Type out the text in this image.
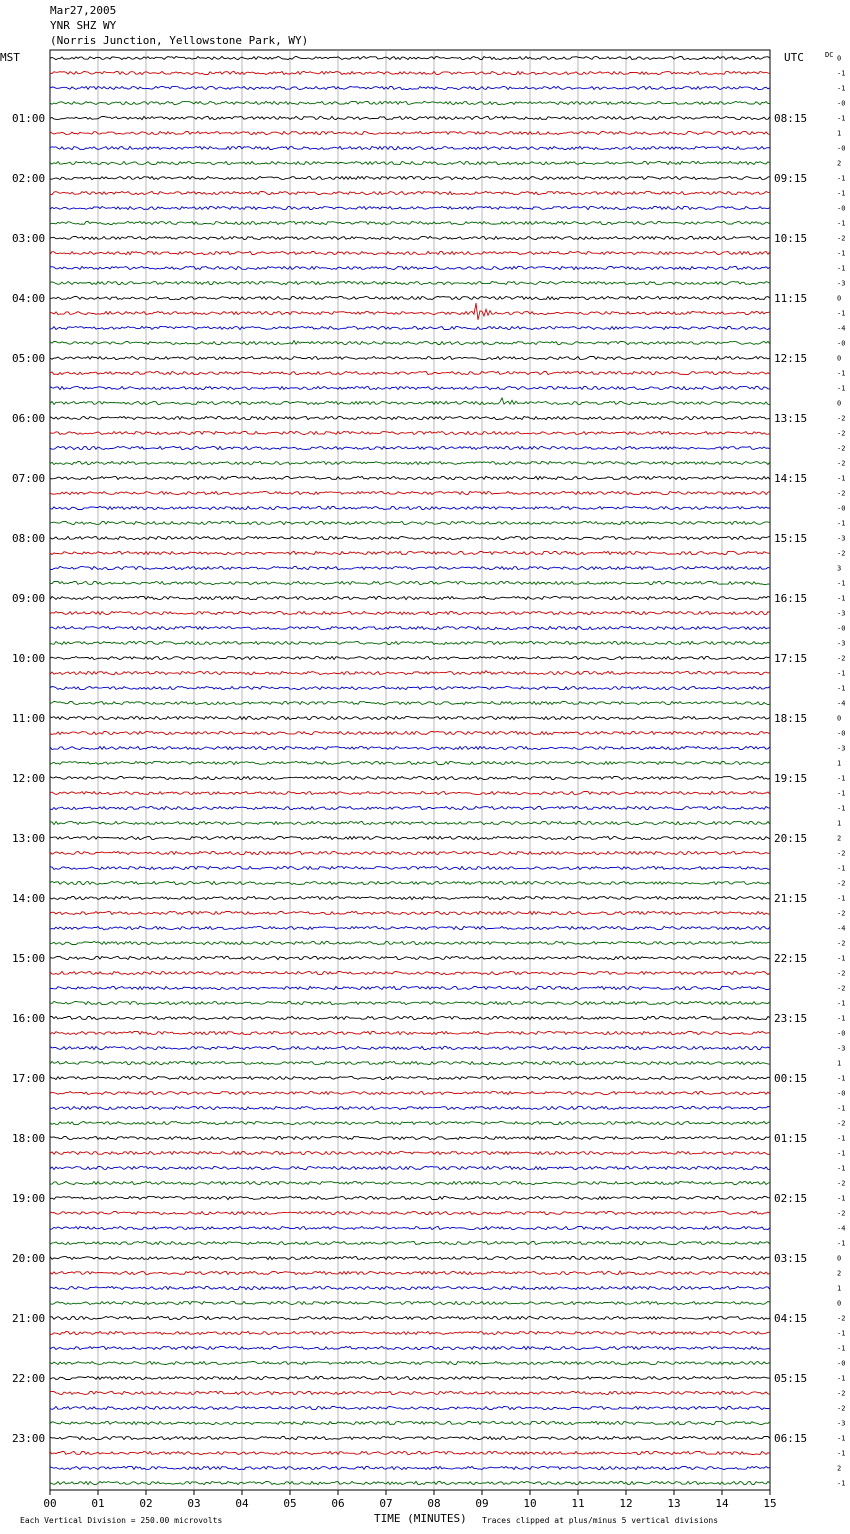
Mar27,2005
YNR SHZ WY
(Norris Junction, Yellowstone Park, WY)
01:00
02:00
03:00
04:00
05:00
06:00
07:00
08:00
09:00
10:00
11:00
12:00
13:00
14:00
15:00
16:00
17:00
18:00
19:00
20:00
21:00
22:00
23:00
08:15
09:15
10:15
11:15
12:15
13:15
14:15
15:15
16:15
17:15
18:15
19:15
20:15
21:15
22:15
23:15
00:15
01:15
02:15
03:15
04:15
05:15
06:15
0
-1
-1
-0
-1
1
-0
2
-1
-1
-0
-1
-2
-1
-1
-3
0
-1
-4
-0
0
-1
-1
0
-2
-2
-2
-2
-1
-2
-0
-1
-3
-2
3
-1
-1
-3
-0
-3
-2
-1
-1
-4
0
-0
-3
1
-1
-1
-1
1
2
-2
-1
-2
-1
-2
-4
-2
-1
-2
-2
-1
-1
-0
-3
1
-1
-0
-1
-2
-1
-1
-1
-2
-1
-2
-4
-1
0
2
1
0
-2
-1
-1
-0
-1
-2
-2
-3
-1
-1
2
-1
00	01	02	03	04	05	06	07	08	09	10	11	12	13	14	15
MST	UTC	DC
Each Vertical Division = 250.00 microvolts	TIME (MINUTES) Traces clipped at plus/minus 5 vertical divisions
